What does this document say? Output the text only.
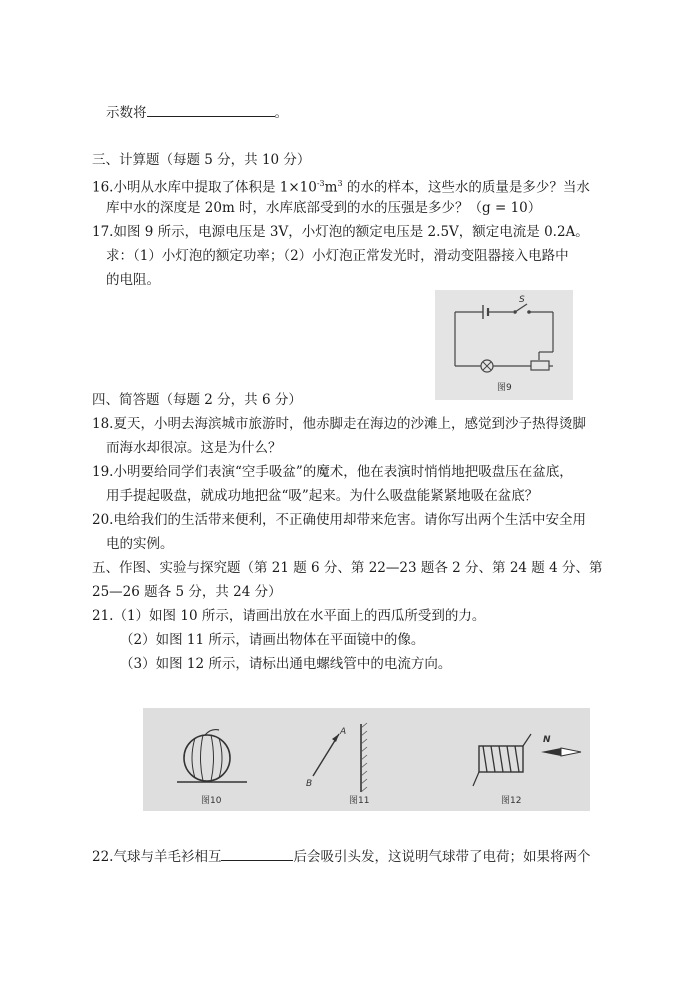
示数将	。
三、计算题（每题 5 分，共 10 分）
16.小明从水库中提取了体积是 $1\times 10^{-3}m^3$ 的水的样本，这些水的质量是多少？当水
库中水的深度是 20m 时，水库底部受到的水的压强是多少？（g = 10）
17.如图 9 所示，电源电压是 3V，小灯泡的额定电压是 2.5V，额定电流是 0.2A。
求：（1）小灯泡的额定功率；（2）小灯泡正常发光时，滑动变阻器接入电路中
的电阻。
S
图9
四、简答题（每题 2 分，共 6 分）
18.夏天，小明去海滨城市旅游时，他赤脚走在海边的沙滩上，感觉到沙子热得烫脚
而海水却很凉。这是为什么？
19.小明要给同学们表演“空手吸盆”的魔术，他在表演时悄悄地把吸盘压在盆底，
用手提起吸盘，就成功地把盆“吸”起来。为什么吸盘能紧紧地吸在盆底？
20.电给我们的生活带来便利，不正确使用却带来危害。请你写出两个生活中安全用
电的实例。
五、作图、实验与探究题（第 21 题 6 分、第 22—23 题各 2 分、第 24 题 4 分、第
25—26 题各 5 分，共 24 分）
21.（1）如图 10 所示，请画出放在水平面上的西瓜所受到的力。
（2）如图 11 所示，请画出物体在平面镜中的像。
（3）如图 12 所示，请标出通电螺线管中的电流方向。
图10
A
B
图11
N
图12
22.气球与羊毛衫相互	后会吸引头发，这说明气球带了电荷；如果将两个
